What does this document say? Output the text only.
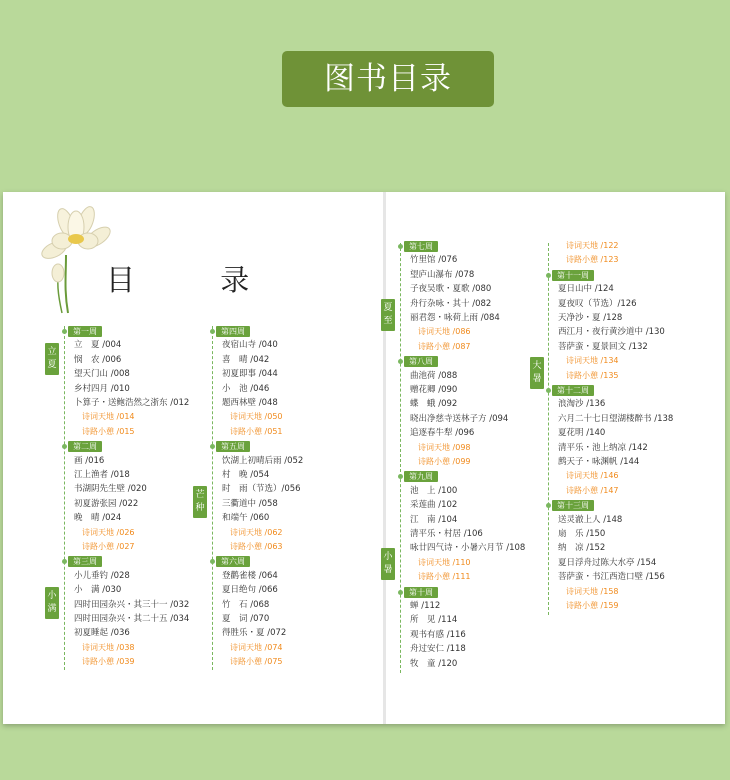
图书目录
目 录
立夏
小满
芒种
夏至
小暑
大暑
第一周
立　夏 /004
悯　农 /006
望天门山 /008
乡村四月 /010
卜算子・送鲍浩然之浙东 /012
诗词天地 /014
诗路小憩 /015
第二周
画 /016
江上渔者 /018
书湖阴先生壁 /020
初夏游张园 /022
晚　晴 /024
诗词天地 /026
诗路小憩 /027
第三周
小儿垂钓 /028
小　满 /030
四时田园杂兴・其三十一 /032
四时田园杂兴・其二十五 /034
初夏睡起 /036
诗词天地 /038
诗路小憩 /039
第四周
夜宿山寺 /040
喜　晴 /042
初夏即事 /044
小　池 /046
题西林壁 /048
诗词天地 /050
诗路小憩 /051
第五周
饮湖上初晴后雨 /052
村　晚 /054
时　雨（节选）/056
三衢道中 /058
和端午 /060
诗词天地 /062
诗路小憩 /063
第六周
登鹳雀楼 /064
夏日绝句 /066
竹　石 /068
夏　词 /070
得胜乐・夏 /072
诗词天地 /074
诗路小憩 /075
第七周
竹里馆 /076
望庐山瀑布 /078
子夜吴歌・夏歌 /080
舟行杂咏・其十 /082
丽君怨・咏荷上雨 /084
诗词天地 /086
诗路小憩 /087
第八周
曲池荷 /088
赠花卿 /090
蝶　蛾 /092
晓出净慈寺送林子方 /094
追逐春牛犁 /096
诗词天地 /098
诗路小憩 /099
第九周
池　上 /100
采莲曲 /102
江　南 /104
清平乐・村居 /106
咏廿四气诗・小暑六月节 /108
诗词天地 /110
诗路小憩 /111
第十周
蝉 /112
所　见 /114
观书有感 /116
舟过安仁 /118
牧　童 /120
诗词天地 /122
诗路小憩 /123
第十一周
夏日山中 /124
夏夜叹（节选）/126
天净沙・夏 /128
西江月・夜行黄沙道中 /130
菩萨蛮・夏景回文 /132
诗词天地 /134
诗路小憩 /135
第十二周
浪淘沙 /136
六月二十七日望湖楼醉书 /138
夏花明 /140
清平乐・池上纳凉 /142
鹧天子・咏渊帆 /144
诗词天地 /146
诗路小憩 /147
第十三周
送灵澈上人 /148
扇　乐 /150
纳　凉 /152
夏日浮舟过陈大水亭 /154
菩萨蛮・书江西造口壁 /156
诗词天地 /158
诗路小憩 /159
